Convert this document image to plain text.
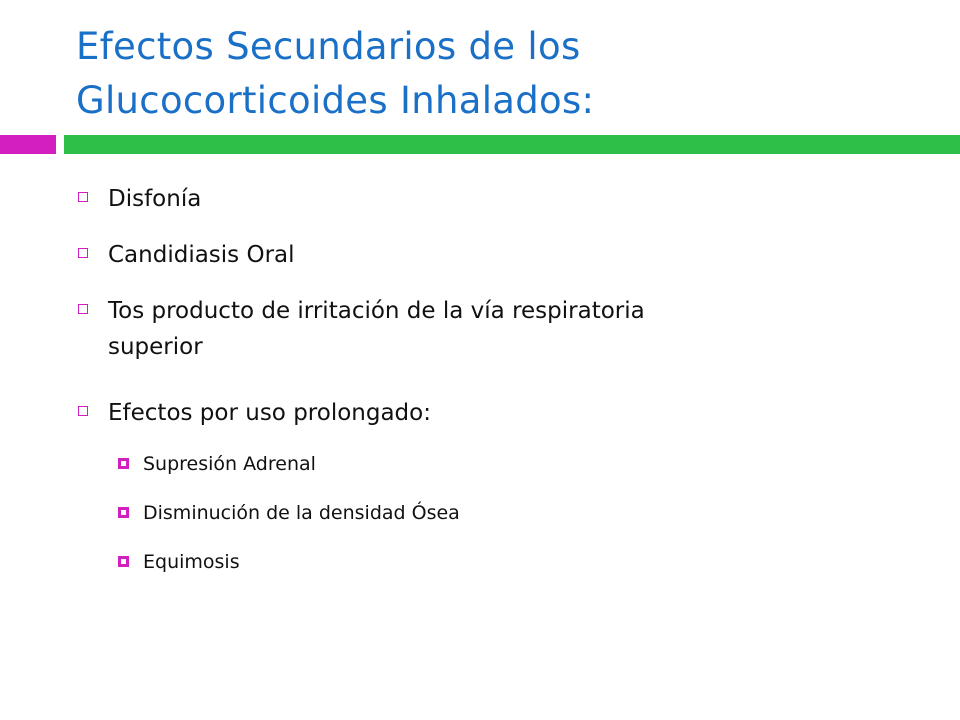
Efectos Secundarios de los
Glucocorticoides Inhalados:
Disfonía
Candidiasis Oral
Tos producto de irritación de la vía respiratoria
superior
Efectos por uso prolongado:
Supresión Adrenal
Disminución de la densidad Ósea
Equimosis
